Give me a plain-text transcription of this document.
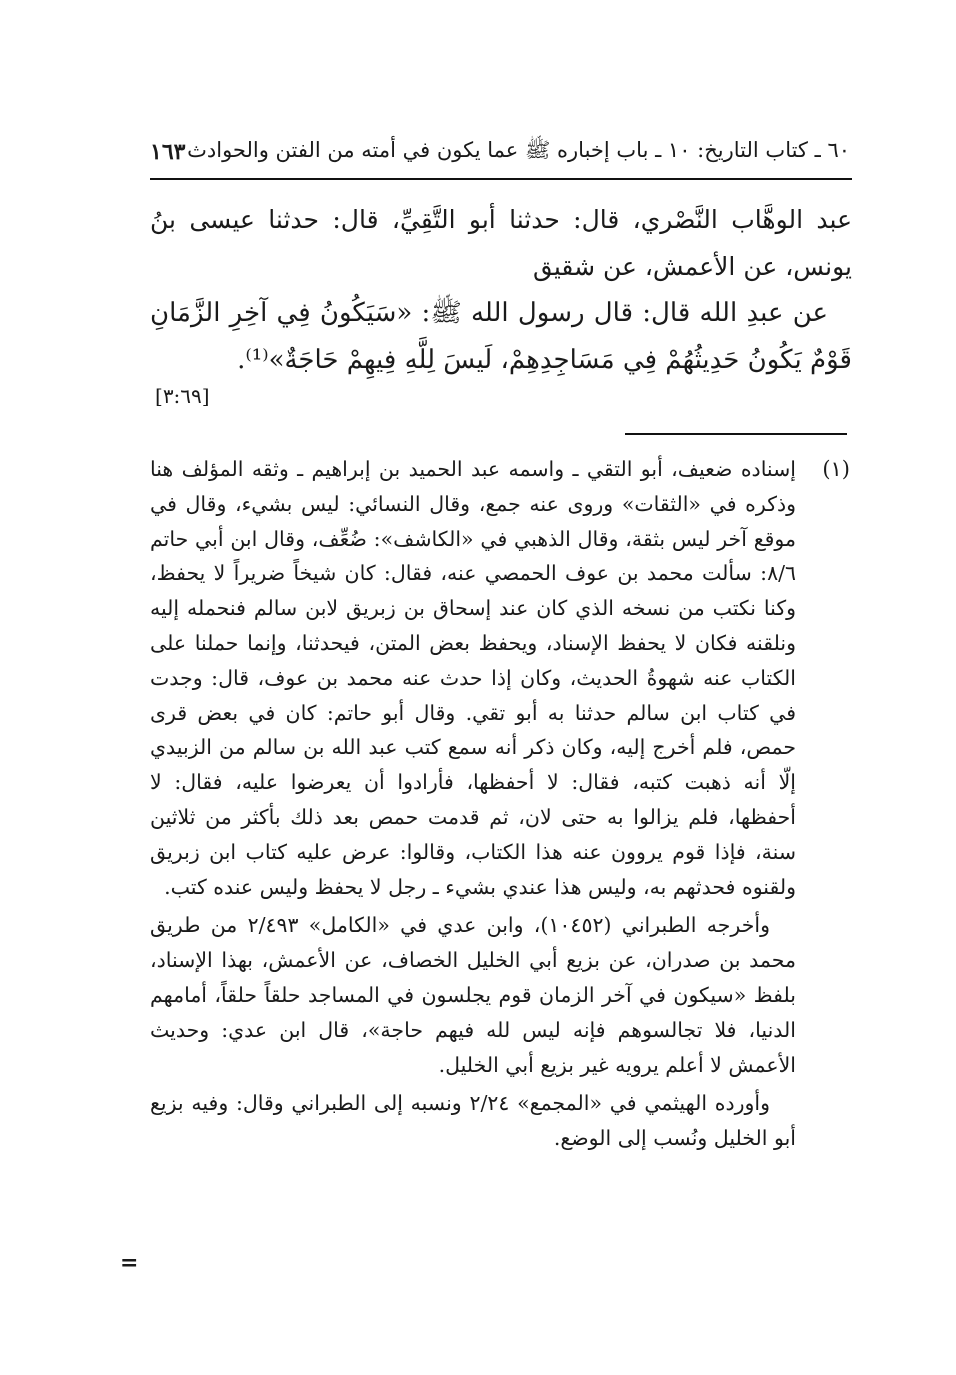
٦٠ ـ كتاب التاريخ: ١٠ ـ باب إخباره ﷺ عما يكون في أمته من الفتن والحوادث
١٦٣

عبد الوهَّاب النَّصْري، قال: حدثنا أبو التَّقِيِّ، قال: حدثنا عيسى بنُ يونس، عن الأعمش، عن شقيق

عن عبدِ الله قال: قال رسول الله ﷺ: «سَيَكُونُ فِي آخِرِ الزَّمَانِ قَوْمٌ يَكُونُ حَدِيثُهُمْ فِي مَسَاجِدِهِمْ، لَيسَ لِلَّهِ فِيهِمْ حَاجَةٌ»⁽¹⁾.

[٣:٦٩]
(١)

إسناده ضعيف، أبو التقي ـ واسمه عبد الحميد بن إبراهيم ـ وثقه المؤلف هنا وذكره في «الثقات» وروى عنه جمع، وقال النسائي: ليس بشيء، وقال في موقع آخر ليس بثقة، وقال الذهبي في «الكاشف»: ضُعِّف، وقال ابن أبي حاتم ٨/٦: سألت محمد بن عوف الحمصي عنه، فقال: كان شيخاً ضريراً لا يحفظ، وكنا نكتب من نسخه الذي كان عند إسحاق بن زبريق لابن سالم فنحمله إليه ونلقنه فكان لا يحفظ الإسناد، ويحفظ بعض المتن، فيحدثنا، وإنما حملنا على الكتاب عنه شهوةُ الحديث، وكان إذا حدث عنه محمد بن عوف، قال: وجدت في كتاب ابن سالم حدثنا به أبو تقي. وقال أبو حاتم: كان في بعض قرى حمص، فلم أخرج إليه، وكان ذكر أنه سمع كتب عبد الله بن سالم من الزبيدي إلّا أنه ذهبت كتبه، فقال: لا أحفظها، فأرادوا أن يعرضوا عليه، فقال: لا أحفظها، فلم يزالوا به حتى لان، ثم قدمت حمص بعد ذلك بأكثر من ثلاثين سنة، فإذا قوم يروون عنه هذا الكتاب، وقالوا: عرض عليه كتاب ابن زبريق ولقنوه فحدثهم به، وليس هذا عندي بشيء ـ رجل لا يحفظ وليس عنده كتب.

وأخرجه الطبراني (١٠٤٥٢)، وابن عدي في «الكامل» ٢/٤٩٣ من طريق محمد بن صدران، عن بزيع أبي الخليل الخصاف، عن الأعمش، بهذا الإسناد، بلفظ «سيكون في آخر الزمان قوم يجلسون في المساجد حلقاً حلقاً، أمامهم الدنيا، فلا تجالسوهم فإنه ليس لله فيهم حاجة»، قال ابن عدي: وحديث الأعمش لا أعلم يرويه غير بزيع أبي الخليل.

وأورده الهيثمي في «المجمع» ٢/٢٤ ونسبه إلى الطبراني وقال: وفيه بزيع أبو الخليل ونُسب إلى الوضع.

=
